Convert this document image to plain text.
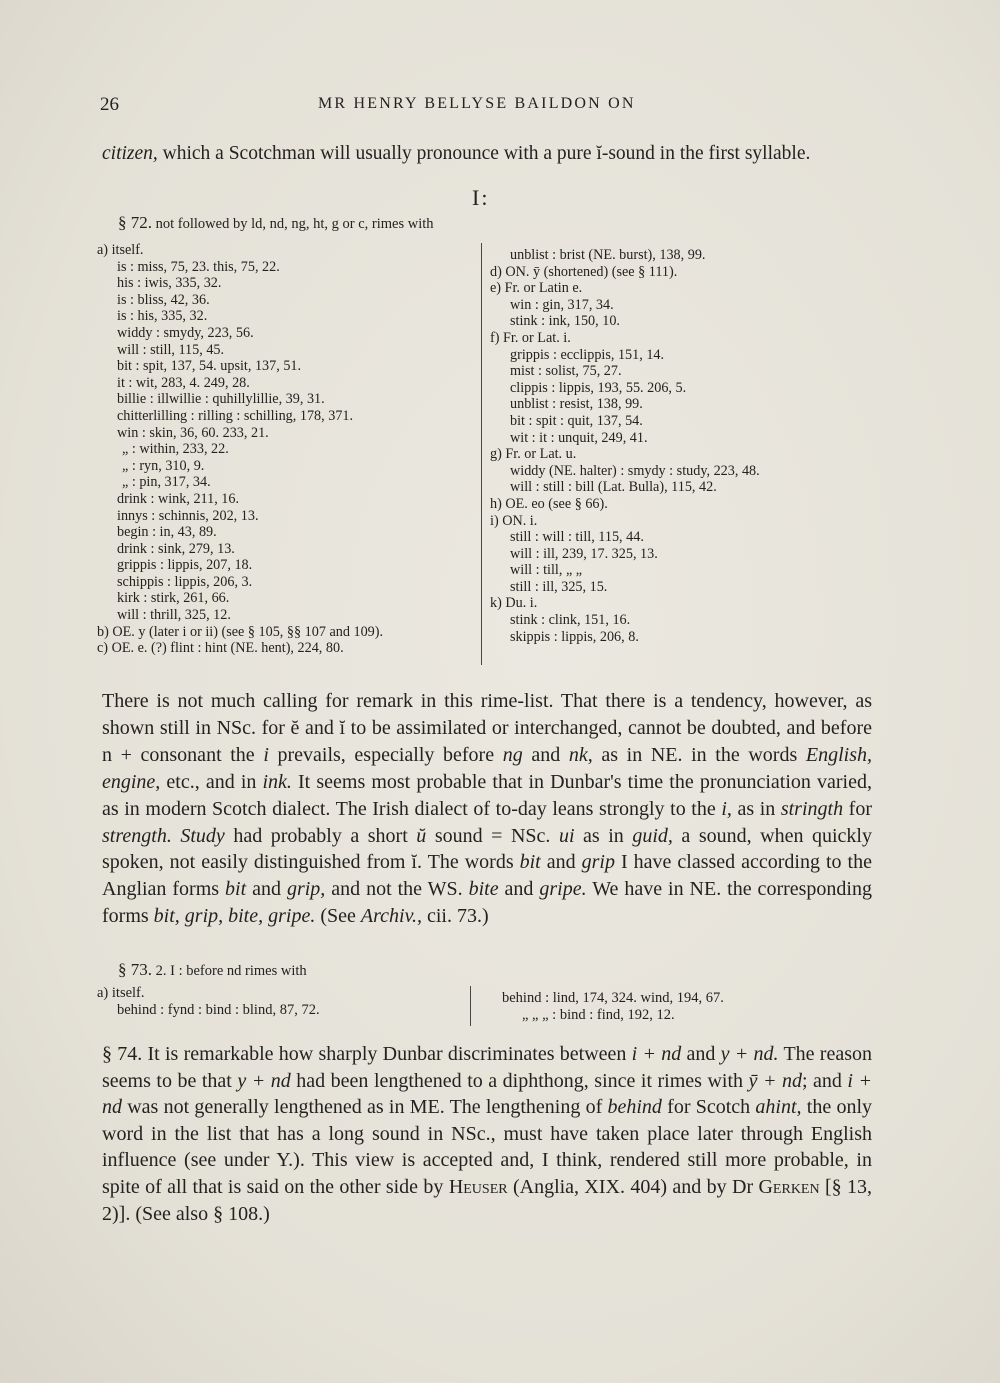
26	MR HENRY BELLYSE BAILDON ON
citizen, which a Scotchman will usually pronounce with a pure ĭ-sound in the first syllable.
I:
§ 72. not followed by ld, nd, ng, ht, g or c, rimes with
a) itself.
is : miss, 75, 23. this, 75, 22.
his : iwis, 335, 32.
is : bliss, 42, 36.
is : his, 335, 32.
widdy : smydy, 223, 56.
will : still, 115, 45.
bit : spit, 137, 54. upsit, 137, 51.
it : wit, 283, 4. 249, 28.
billie : illwillie : quhillylillie, 39, 31.
chitterlilling : rilling : schilling, 178, 371.
win : skin, 36, 60. 233, 21.
„ : within, 233, 22.
„ : ryn, 310, 9.
„ : pin, 317, 34.
drink : wink, 211, 16.
innys : schinnis, 202, 13.
begin : in, 43, 89.
drink : sink, 279, 13.
grippis : lippis, 207, 18.
schippis : lippis, 206, 3.
kirk : stirk, 261, 66.
will : thrill, 325, 12.
b) OE. y (later i or ii) (see § 105, §§ 107 and 109).
c) OE. e. (?) flint : hint (NE. hent), 224, 80.
unblist : brist (NE. burst), 138, 99.
d) ON. ȳ (shortened) (see § 111).
e) Fr. or Latin e.
win : gin, 317, 34.
stink : ink, 150, 10.
f) Fr. or Lat. i.
grippis : ecclippis, 151, 14.
mist : solist, 75, 27.
clippis : lippis, 193, 55. 206, 5.
unblist : resist, 138, 99.
bit : spit : quit, 137, 54.
wit : it : unquit, 249, 41.
g) Fr. or Lat. u.
widdy (NE. halter) : smydy : study, 223, 48.
will : still : bill (Lat. Bulla), 115, 42.
h) OE. eo (see § 66).
i) ON. i.
still : will : till, 115, 44.
will : ill, 239, 17. 325, 13.
will : till, „ „
still : ill, 325, 15.
k) Du. i.
stink : clink, 151, 16.
skippis : lippis, 206, 8.
There is not much calling for remark in this rime-list. That there is a tendency, however, as shown still in NSc. for ĕ and ĭ to be assimilated or interchanged, cannot be doubted, and before n + consonant the i prevails, especially before ng and nk, as in NE. in the words English, engine, etc., and in ink. It seems most probable that in Dunbar's time the pronunciation varied, as in modern Scotch dialect. The Irish dialect of to-day leans strongly to the i, as in stringth for strength. Study had probably a short ŭ sound = NSc. ui as in guid, a sound, when quickly spoken, not easily distinguished from ĭ. The words bit and grip I have classed according to the Anglian forms bit and grip, and not the WS. bite and gripe. We have in NE. the corresponding forms bit, grip, bite, gripe. (See Archiv., cii. 73.)
§ 73. 2. I : before nd rimes with
a) itself.
behind : fynd : bind : blind, 87, 72.
behind : lind, 174, 324. wind, 194, 67.
„ „ „ : bind : find, 192, 12.
§ 74. It is remarkable how sharply Dunbar discriminates between i + nd and y + nd. The reason seems to be that y + nd had been lengthened to a diphthong, since it rimes with ȳ + nd; and i + nd was not generally lengthened as in ME. The lengthening of behind for Scotch ahint, the only word in the list that has a long sound in NSc., must have taken place later through English influence (see under Y.). This view is accepted and, I think, rendered still more probable, in spite of all that is said on the other side by Heuser (Anglia, XIX. 404) and by Dr Gerken [§ 13, 2)]. (See also § 108.)
